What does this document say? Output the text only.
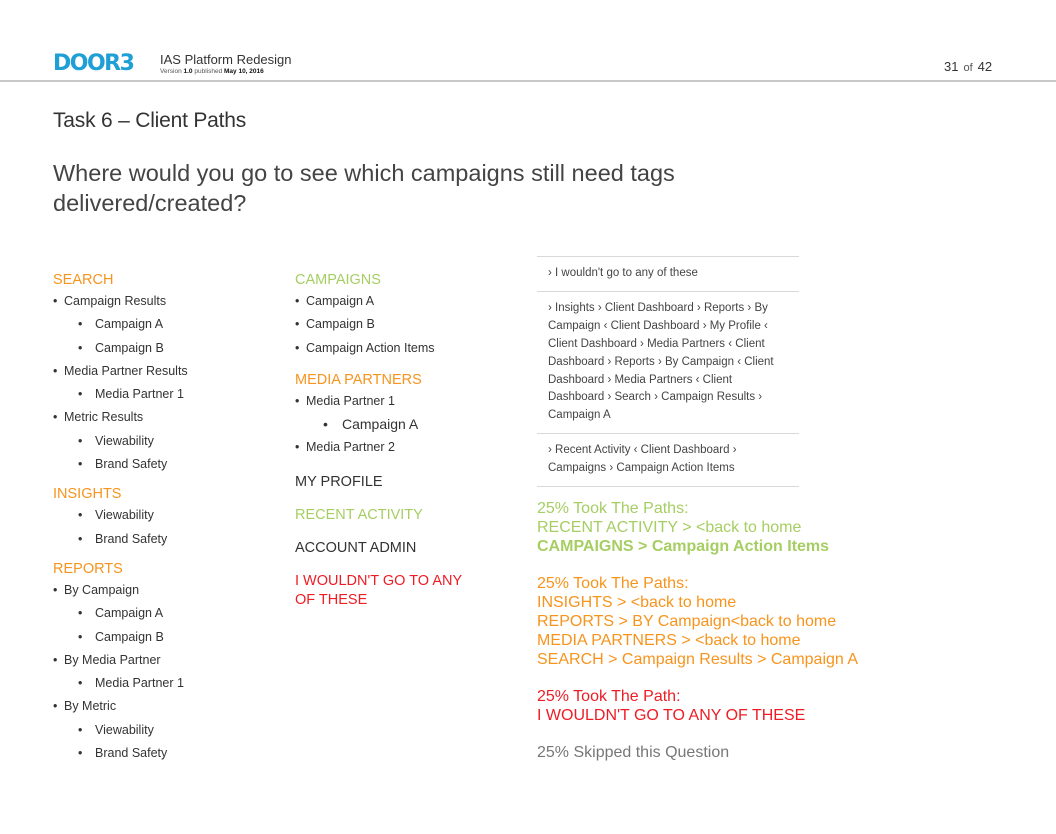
DOOR3 IAS Platform Redesign
Version 1.0 published May 10, 2016	31 of 42
Task 6 – Client Paths
Where would you go to see which campaigns still need tags delivered/created?
SEARCH
• Campaign Results
• Campaign A
• Campaign B
• Media Partner Results
• Media Partner 1
• Metric Results
• Viewability
• Brand Safety
INSIGHTS
• Viewability
• Brand Safety
REPORTS
• By Campaign
• Campaign A
• Campaign B
• By Media Partner
• Media Partner 1
• By Metric
• Viewability
• Brand Safety
CAMPAIGNS
• Campaign A
• Campaign B
• Campaign Action Items
MEDIA PARTNERS
• Media Partner 1
• Campaign A
• Media Partner 2
MY PROFILE
RECENT ACTIVITY
ACCOUNT ADMIN
I WOULDN'T GO TO ANY
OF THESE
› I wouldn't go to any of these
› Insights › Client Dashboard › Reports › By Campaign ‹ Client Dashboard › My Profile ‹ Client Dashboard › Media Partners ‹ Client Dashboard › Reports › By Campaign ‹ Client Dashboard › Media Partners ‹ Client Dashboard › Search › Campaign Results › Campaign A
› Recent Activity ‹ Client Dashboard › Campaigns › Campaign Action Items
25% Took The Paths:
RECENT ACTIVITY > <back to home
CAMPAIGNS > Campaign Action Items
25% Took The Paths:
INSIGHTS > <back to home
REPORTS > BY Campaign<back to home
MEDIA PARTNERS > <back to home
SEARCH > Campaign Results > Campaign A
25% Took The Path:
I WOULDN'T GO TO ANY OF THESE
25% Skipped this Question
